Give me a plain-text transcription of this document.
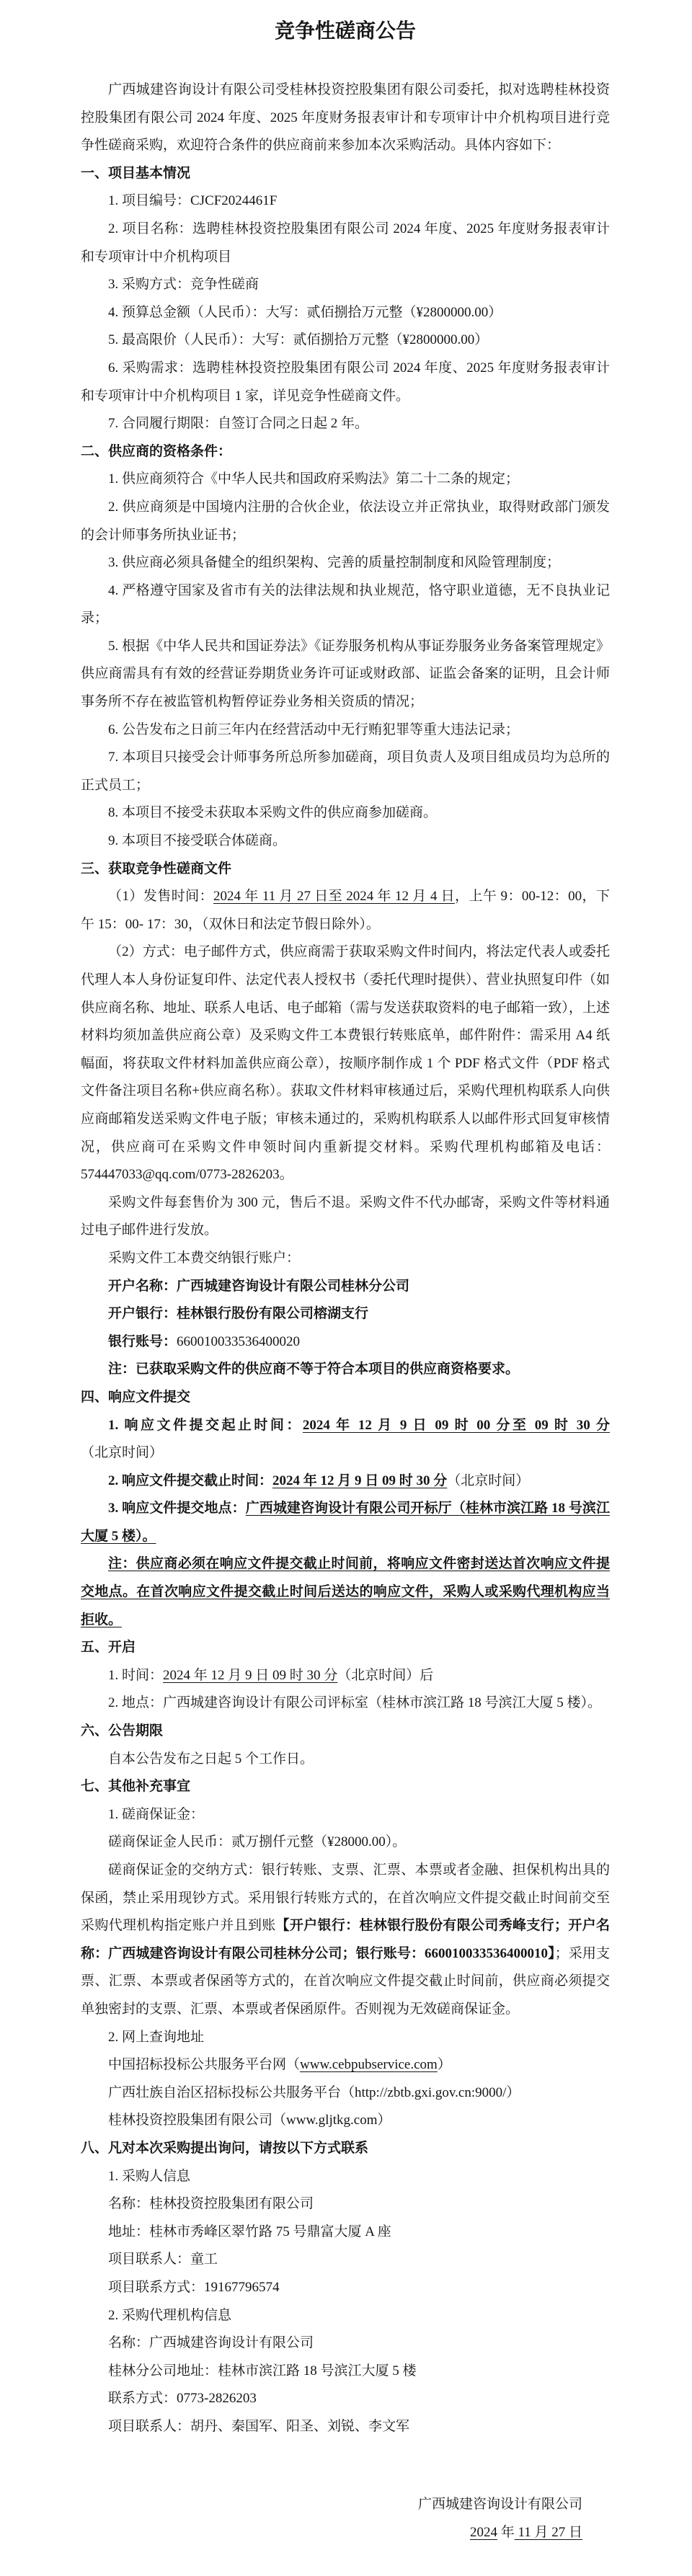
竞争性磋商公告

广西城建咨询设计有限公司受桂林投资控股集团有限公司委托，拟对选聘桂林投资控股集团有限公司 2024 年度、2025 年度财务报表审计和专项审计中介机构项目进行竞争性磋商采购，欢迎符合条件的供应商前来参加本次采购活动。具体内容如下：

一、项目基本情况

1. 项目编号：CJCF2024461F

2. 项目名称：选聘桂林投资控股集团有限公司 2024 年度、2025 年度财务报表审计和专项审计中介机构项目

3. 采购方式：竞争性磋商

4. 预算总金额（人民币）：大写：贰佰捌拾万元整（¥2800000.00）

5. 最高限价（人民币）：大写：贰佰捌拾万元整（¥2800000.00）

6. 采购需求：选聘桂林投资控股集团有限公司 2024 年度、2025 年度财务报表审计和专项审计中介机构项目 1 家，详见竞争性磋商文件。

7. 合同履行期限：自签订合同之日起 2 年。

二、供应商的资格条件：

1. 供应商须符合《中华人民共和国政府采购法》第二十二条的规定；

2. 供应商须是中国境内注册的合伙企业，依法设立并正常执业，取得财政部门颁发的会计师事务所执业证书；

3. 供应商必须具备健全的组织架构、完善的质量控制制度和风险管理制度；

4. 严格遵守国家及省市有关的法律法规和执业规范，恪守职业道德，无不良执业记录；

5. 根据《中华人民共和国证券法》《证券服务机构从事证券服务业务备案管理规定》供应商需具有有效的经营证券期货业务许可证或财政部、证监会备案的证明，且会计师事务所不存在被监管机构暂停证券业务相关资质的情况；

6. 公告发布之日前三年内在经营活动中无行贿犯罪等重大违法记录；

7. 本项目只接受会计师事务所总所参加磋商，项目负责人及项目组成员均为总所的正式员工；

8. 本项目不接受未获取本采购文件的供应商参加磋商。

9. 本项目不接受联合体磋商。

三、获取竞争性磋商文件

（1）发售时间：2024 年 11 月 27 日至 2024 年 12 月 4 日，上午 9：00-12：00，下午 15：00- 17：30，（双休日和法定节假日除外）。

（2）方式：电子邮件方式，供应商需于获取采购文件时间内，将法定代表人或委托代理人本人身份证复印件、法定代表人授权书（委托代理时提供）、营业执照复印件（如供应商名称、地址、联系人电话、电子邮箱（需与发送获取资料的电子邮箱一致），上述材料均须加盖供应商公章）及采购文件工本费银行转账底单，邮件附件：需采用 A4 纸幅面，将获取文件材料加盖供应商公章），按顺序制作成 1 个 PDF 格式文件（PDF 格式文件备注项目名称+供应商名称）。获取文件材料审核通过后，采购代理机构联系人向供应商邮箱发送采购文件电子版；审核未通过的，采购机构联系人以邮件形式回复审核情况，供应商可在采购文件申领时间内重新提交材料。采购代理机构邮箱及电话：574447033@qq.com/0773-2826203。

采购文件每套售价为 300 元，售后不退。采购文件不代办邮寄，采购文件等材料通过电子邮件进行发放。

采购文件工本费交纳银行账户：

开户名称：广西城建咨询设计有限公司桂林分公司

开户银行：桂林银行股份有限公司榕湖支行

银行账号：660010033536400020

注：已获取采购文件的供应商不等于符合本项目的供应商资格要求。

四、响应文件提交

1. 响应文件提交起止时间：2024 年 12 月 9 日 09 时 00 分至 09 时 30 分（北京时间）

2. 响应文件提交截止时间：2024 年 12 月 9 日 09 时 30 分（北京时间）

3. 响应文件提交地点：广西城建咨询设计有限公司开标厅（桂林市滨江路 18 号滨江大厦 5 楼）。

注：供应商必须在响应文件提交截止时间前，将响应文件密封送达首次响应文件提交地点。在首次响应文件提交截止时间后送达的响应文件，采购人或采购代理机构应当拒收。

五、开启

1. 时间：2024 年 12 月 9 日 09 时 30 分（北京时间）后

2. 地点：广西城建咨询设计有限公司评标室（桂林市滨江路 18 号滨江大厦 5 楼）。

六、公告期限

自本公告发布之日起 5 个工作日。

七、其他补充事宜

1. 磋商保证金：

磋商保证金人民币：贰万捌仟元整（¥28000.00）。

磋商保证金的交纳方式：银行转账、支票、汇票、本票或者金融、担保机构出具的保函，禁止采用现钞方式。采用银行转账方式的，在首次响应文件提交截止时间前交至采购代理机构指定账户并且到账【开户银行：桂林银行股份有限公司秀峰支行；开户名称：广西城建咨询设计有限公司桂林分公司；银行账号：660010033536400010】；采用支票、汇票、本票或者保函等方式的，在首次响应文件提交截止时间前，供应商必须提交单独密封的支票、汇票、本票或者保函原件。否则视为无效磋商保证金。

2. 网上查询地址

中国招标投标公共服务平台网（www.cebpubservice.com）

广西壮族自治区招标投标公共服务平台（http://zbtb.gxi.gov.cn:9000/）

桂林投资控股集团有限公司（www.gljtkg.com）

八、凡对本次采购提出询问，请按以下方式联系

1. 采购人信息

名称：桂林投资控股集团有限公司

地址：桂林市秀峰区翠竹路 75 号鼎富大厦 A 座

项目联系人：童工

项目联系方式：19167796574

2. 采购代理机构信息

名称：广西城建咨询设计有限公司

桂林分公司地址：桂林市滨江路 18 号滨江大厦 5 楼

联系方式：0773-2826203

项目联系人：胡丹、秦国军、阳圣、刘锐、李文军

广西城建咨询设计有限公司

2024 年 11 月 27 日
